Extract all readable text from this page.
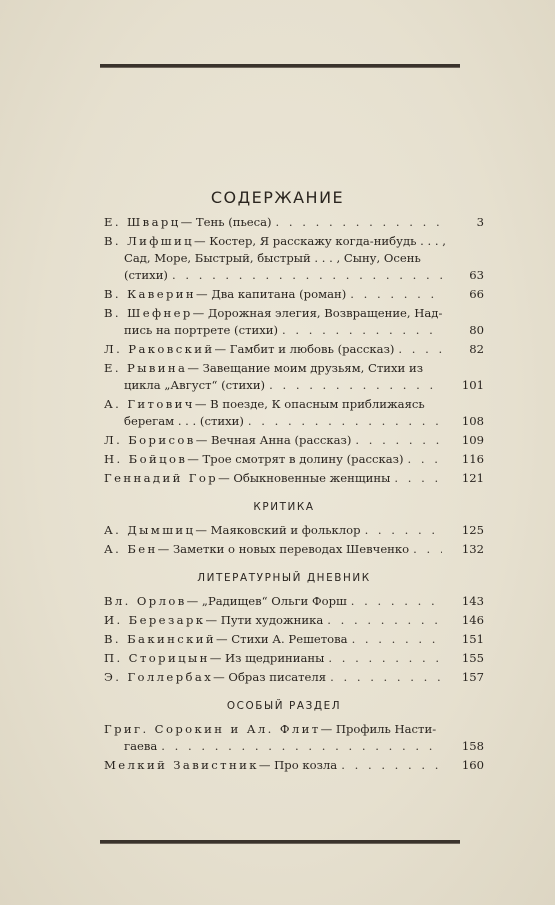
СОДЕРЖАНИЕ
Е. Шварц— Тень (пьеса) . . .	3
В. Лифшиц— Костер, Я расскажу когда-нибудь . . . ,
Сад, Море, Быстрый, быстрый . . . , Сыну, Осень
(стихи) . . .	63
В. Каверин— Два капитана (роман) . . .	66
В. Шефнер— Дорожная элегия, Возвращение, Над-
пись на портрете (стихи) . . .	80
Л. Раковский— Гамбит и любовь (рассказ) . . .	82
Е. Рывина— Завещание моим друзьям, Стихи из
цикла „Август“ (стихи) . . .	101
А. Гитович— В поезде, К опасным приближаясь
берегам . . . (стихи) . . .	108
Л. Борисов— Вечная Анна (рассказ) . . .	109
Н. Бойцов— Трое смотрят в долину (рассказ) . . .	116
Геннадий Гор— Обыкновенные женщины . . .	121
КРИТИКА
А. Дымшиц— Маяковский и фольклор . . .	125
А. Бен— Заметки о новых переводах Шевченко . . .	132
ЛИТЕРАТУРНЫЙ ДНЕВНИК
Вл. Орлов— „Радищев“ Ольги Форш . . .	143
И. Березарк— Пути художника . . .	146
В. Бакинский— Стихи А. Решетова . . .	151
П. Сторицын— Из щедринианы . . .	155
Э. Голлербах— Образ писателя . . .	157
ОСОБЫЙ РАЗДЕЛ
Григ. Сорокин и Ал. Флит— Профиль Насти-
гаева . . .	158
Мелкий Завистник— Про козла . . .	160
